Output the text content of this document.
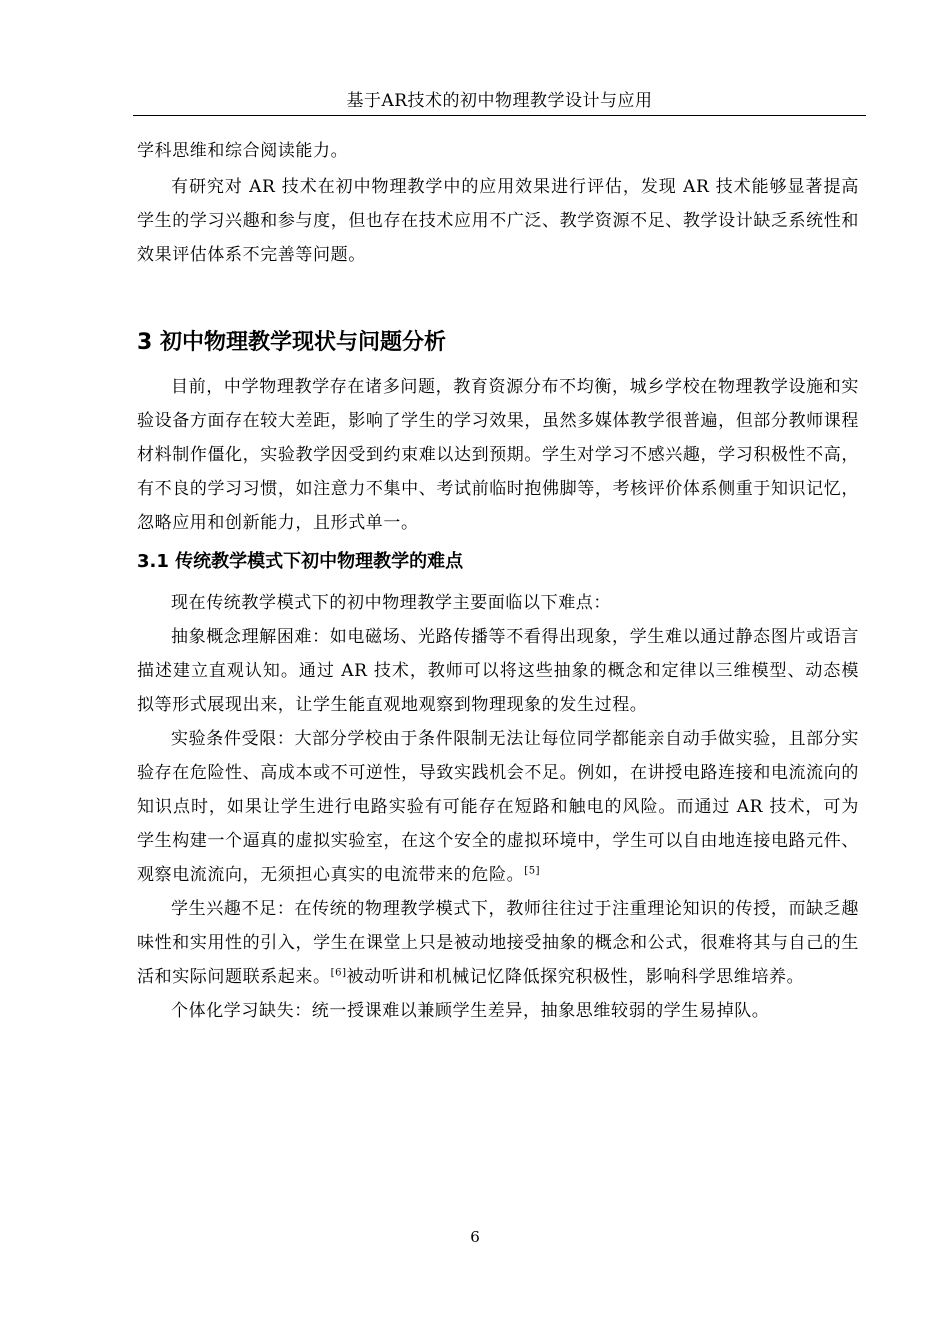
基于AR技术的初中物理教学设计与应用

学科思维和综合阅读能力。

有研究对 AR 技术在初中物理教学中的应用效果进行评估，发现 AR 技术能够显著提高学生的学习兴趣和参与度，但也存在技术应用不广泛、教学资源不足、教学设计缺乏系统性和效果评估体系不完善等问题。

3 初中物理教学现状与问题分析

目前，中学物理教学存在诸多问题，教育资源分布不均衡，城乡学校在物理教学设施和实验设备方面存在较大差距，影响了学生的学习效果，虽然多媒体教学很普遍，但部分教师课程材料制作僵化，实验教学因受到约束难以达到预期。学生对学习不感兴趣，学习积极性不高，有不良的学习习惯，如注意力不集中、考试前临时抱佛脚等，考核评价体系侧重于知识记忆，忽略应用和创新能力，且形式单一。

3.1 传统教学模式下初中物理教学的难点

现在传统教学模式下的初中物理教学主要面临以下难点：

抽象概念理解困难：如电磁场、光路传播等不看得出现象，学生难以通过静态图片或语言描述建立直观认知。通过 AR 技术，教师可以将这些抽象的概念和定律以三维模型、动态模拟等形式展现出来，让学生能直观地观察到物理现象的发生过程。

实验条件受限：大部分学校由于条件限制无法让每位同学都能亲自动手做实验，且部分实验存在危险性、高成本或不可逆性，导致实践机会不足。例如，在讲授电路连接和电流流向的知识点时，如果让学生进行电路实验有可能存在短路和触电的风险。而通过 AR 技术，可为学生构建一个逼真的虚拟实验室，在这个安全的虚拟环境中，学生可以自由地连接电路元件、观察电流流向，无须担心真实的电流带来的危险。[5]

学生兴趣不足：在传统的物理教学模式下，教师往往过于注重理论知识的传授，而缺乏趣味性和实用性的引入，学生在课堂上只是被动地接受抽象的概念和公式，很难将其与自己的生活和实际问题联系起来。[6]被动听讲和机械记忆降低探究积极性，影响科学思维培养。

个体化学习缺失：统一授课难以兼顾学生差异，抽象思维较弱的学生易掉队。

6
